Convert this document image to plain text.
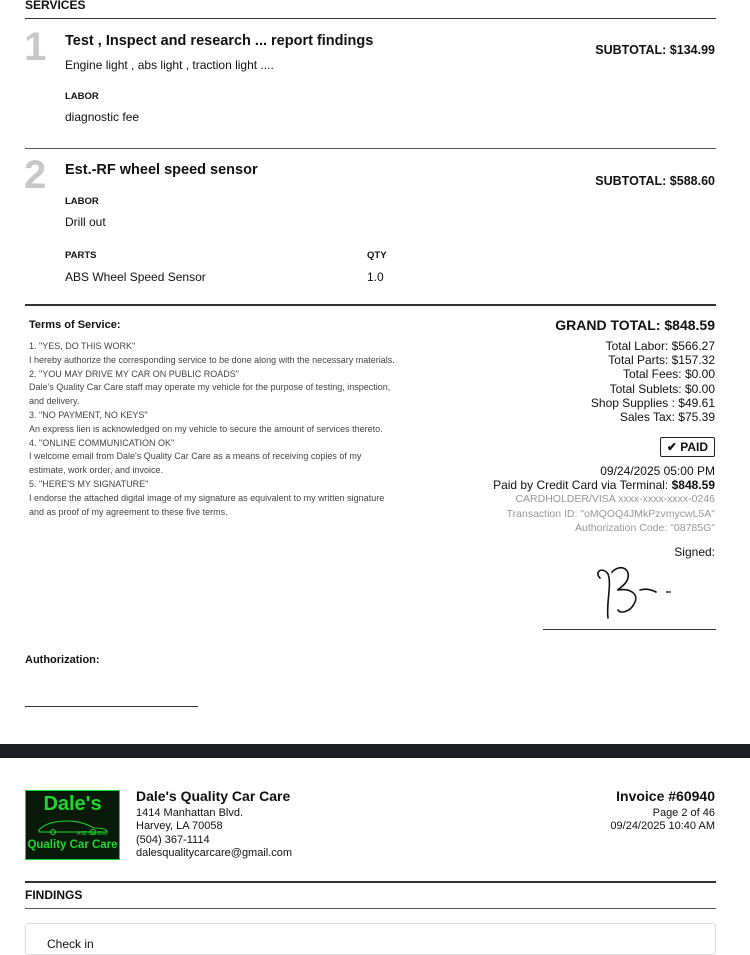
SERVICES
1 Test , Inspect and research ... report findings
SUBTOTAL: $134.99
Engine light , abs light , traction light ....
LABOR
diagnostic fee
2 Est.-RF wheel speed sensor
SUBTOTAL: $588.60
LABOR
Drill out
PARTS	QTY
ABS Wheel Speed Sensor	1.0
Terms of Service:
1. "YES, DO THIS WORK"
I hereby authorize the corresponding service to be done along with the necessary materials.
2. "YOU MAY DRIVE MY CAR ON PUBLIC ROADS"
Dale's Quality Car Care staff may operate my vehicle for the purpose of testing, inspection,
and delivery.
3. "NO PAYMENT, NO KEYS"
An express lien is acknowledged on my vehicle to secure the amount of services thereto.
4. "ONLINE COMMUNICATION OK"
I welcome email from Dale's Quality Car Care as a means of receiving copies of my
estimate, work order, and invoice.
5. "HERE'S MY SIGNATURE"
I endorse the attached digital image of my signature as equivalent to my written signature
and as proof of my agreement to these five terms.
GRAND TOTAL: $848.59
Total Labor: $566.27
Total Parts: $157.32
Total Fees: $0.00
Total Sublets: $0.00
Shop Supplies : $49.61
Sales Tax: $75.39
✔ PAID
09/24/2025 05:00 PM
Paid by Credit Card via Terminal: $848.59
CARDHOLDER/VISA xxxx-xxxx-xxxx-0246
Transaction ID: "oMQOQ4JMkPzvmycwL5A"
Authorization Code: "08785G"
Signed:
Authorization:
Dale's
ASE Certified
Quality Car Care
Dale's Quality Car Care
1414 Manhattan Blvd.
Harvey, LA 70058
(504) 367-1114
dalesqualitycarcare@gmail.com
Invoice #60940
Page 2 of 46
09/24/2025 10:40 AM
FINDINGS
Check in
